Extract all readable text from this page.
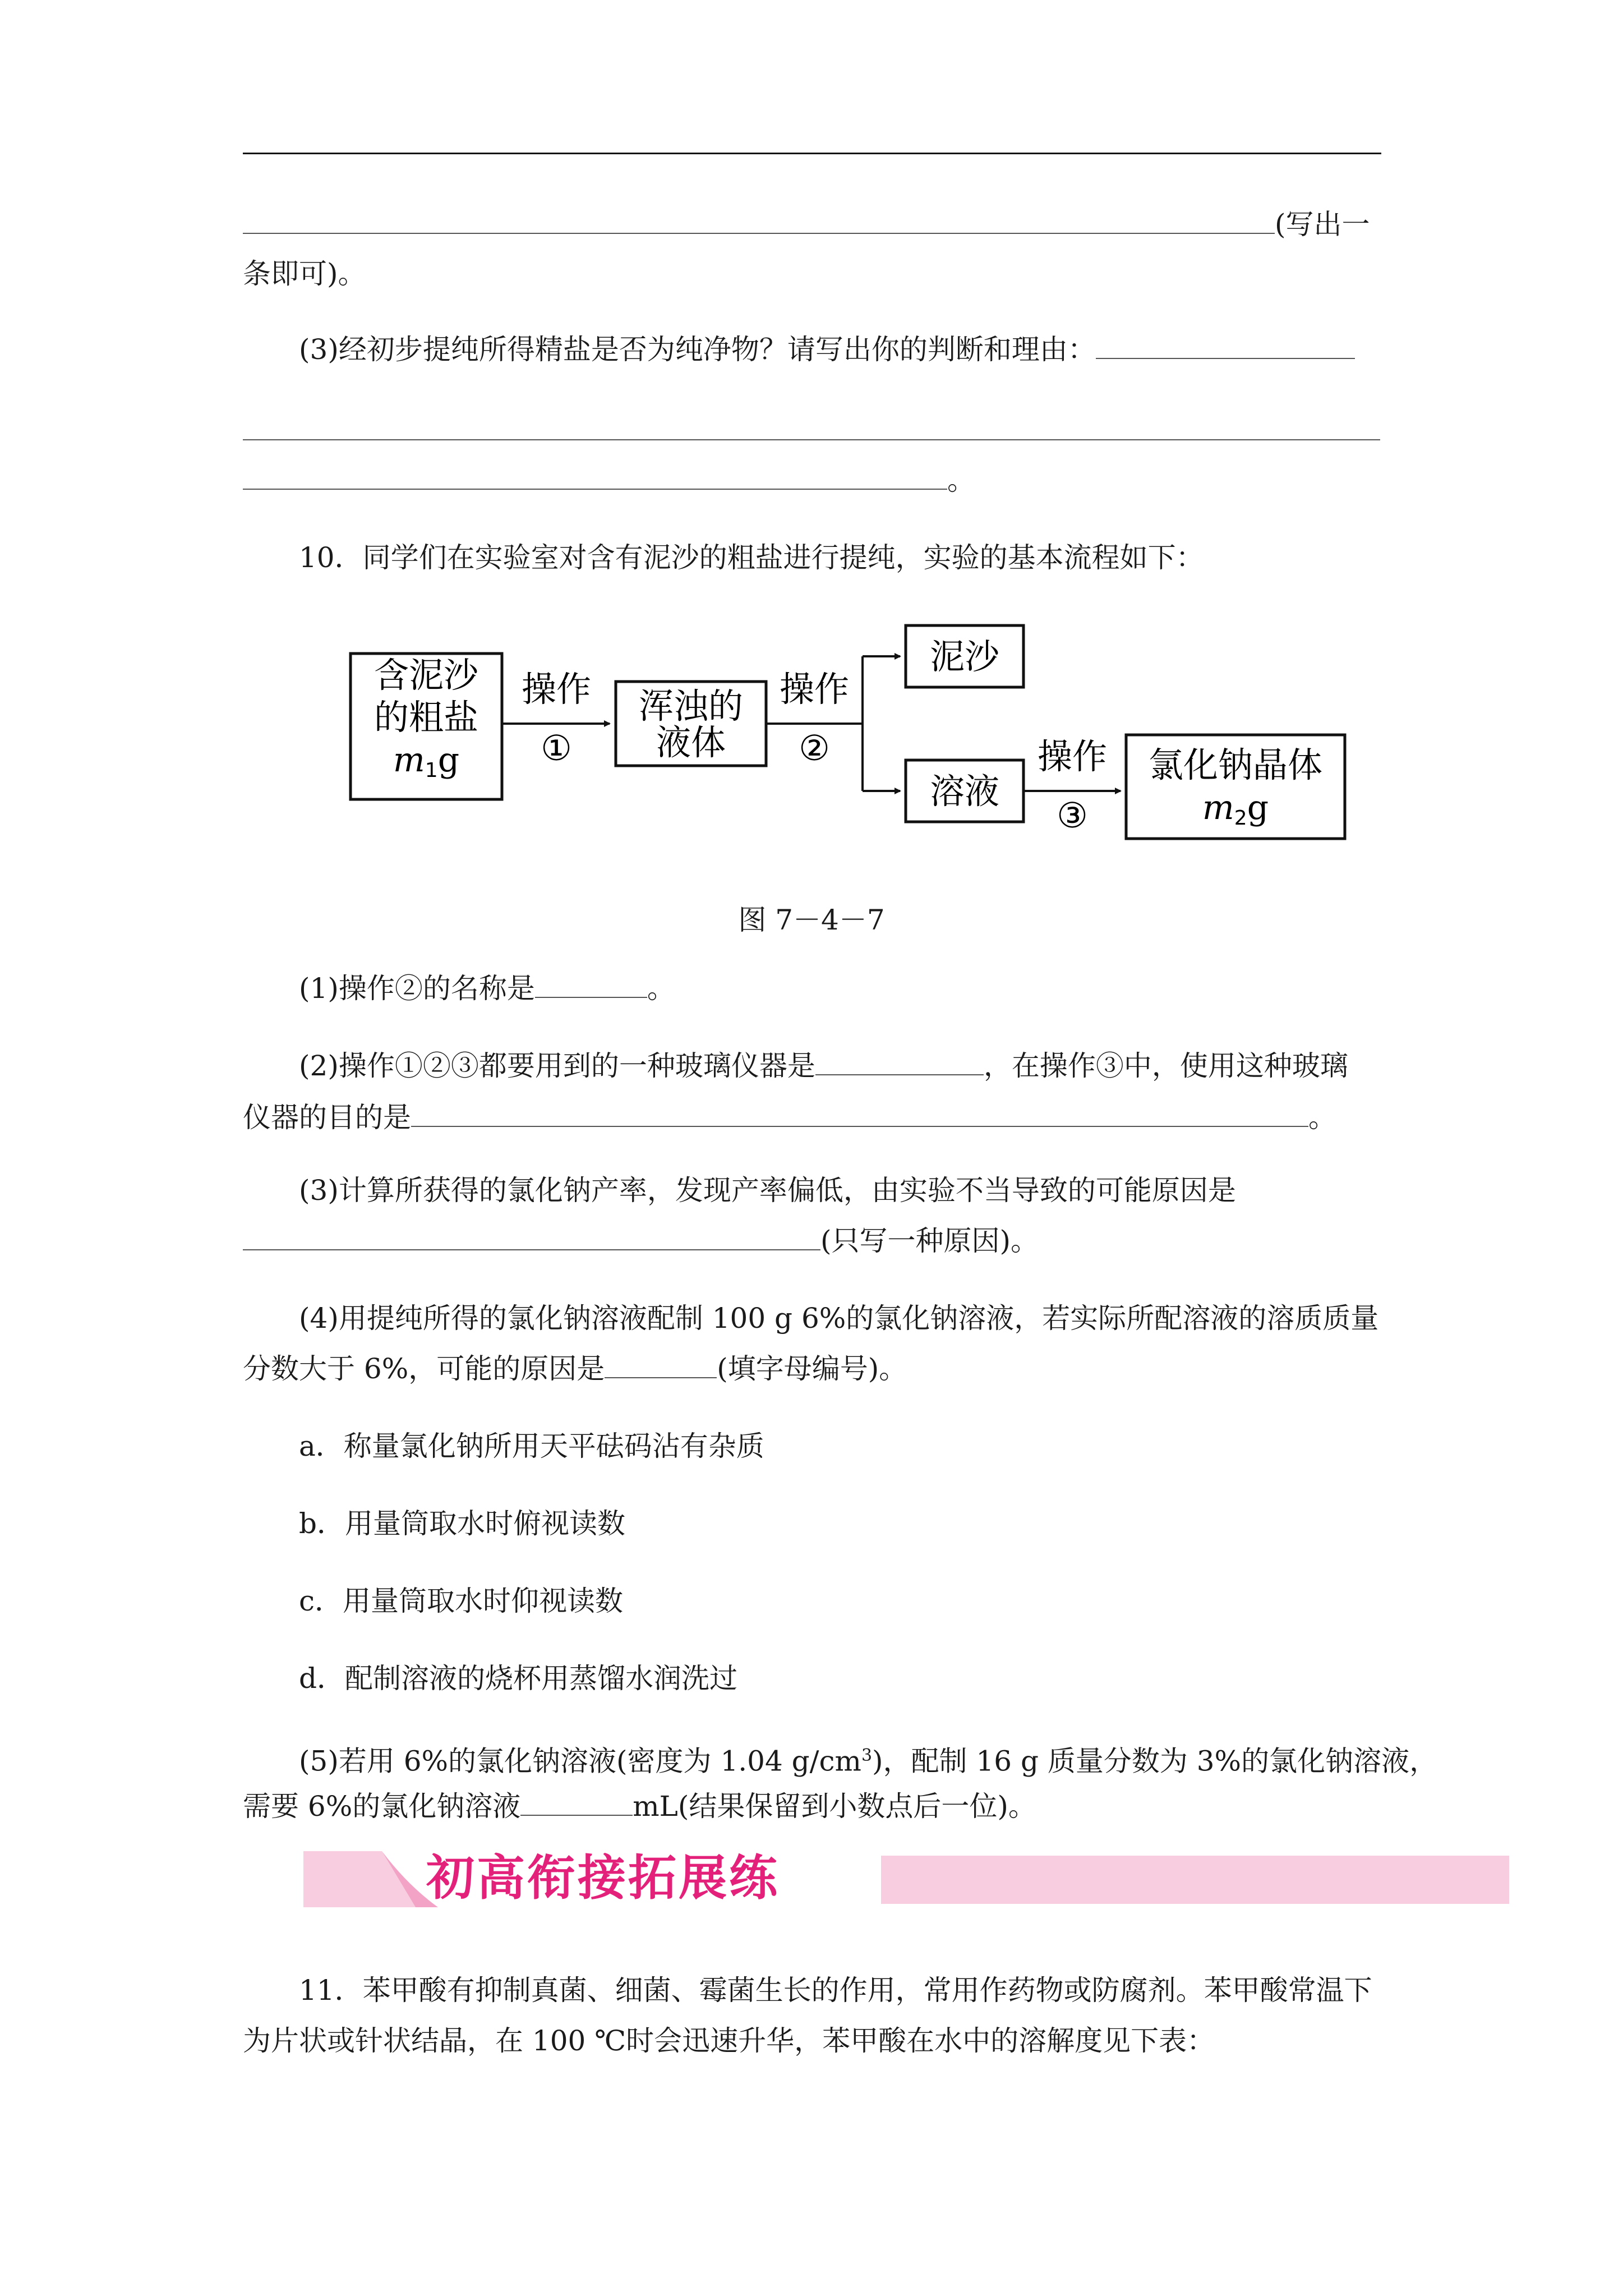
(写出一

条即可)。

(3)经初步提纯所得精盐是否为纯净物？请写出你的判断和理由：

。

10．同学们在实验室对含有泥沙的粗盐进行提纯，实验的基本流程如下：

含泥沙
的粗盐
m1g
操作
①
浑浊的
液体
操作
②
泥沙
溶液
操作
③
氯化钠晶体
m2g
图 7－4－7

(1)操作②的名称是	。

(2)操作①②③都要用到的一种玻璃仪器是	，在操作③中，使用这种玻璃

仪器的目的是	。

(3)计算所获得的氯化钠产率，发现产率偏低，由实验不当导致的可能原因是

(只写一种原因)。

(4)用提纯所得的氯化钠溶液配制 100 g 6%的氯化钠溶液，若实际所配溶液的溶质质量

分数大于 6%，可能的原因是	(填字母编号)。

a．称量氯化钠所用天平砝码沾有杂质

b．用量筒取水时俯视读数

c．用量筒取水时仰视读数

d．配制溶液的烧杯用蒸馏水润洗过

(5)若用 6%的氯化钠溶液(密度为 1.04 $g/cm^3$)，配制 16 g 质量分数为 3%的氯化钠溶液，

需要 6%的氯化钠溶液	mL(结果保留到小数点后一位)。

初高衔接拓展练

11．苯甲酸有抑制真菌、细菌、霉菌生长的作用，常用作药物或防腐剂。苯甲酸常温下

为片状或针状结晶，在 100 ℃时会迅速升华，苯甲酸在水中的溶解度见下表：
